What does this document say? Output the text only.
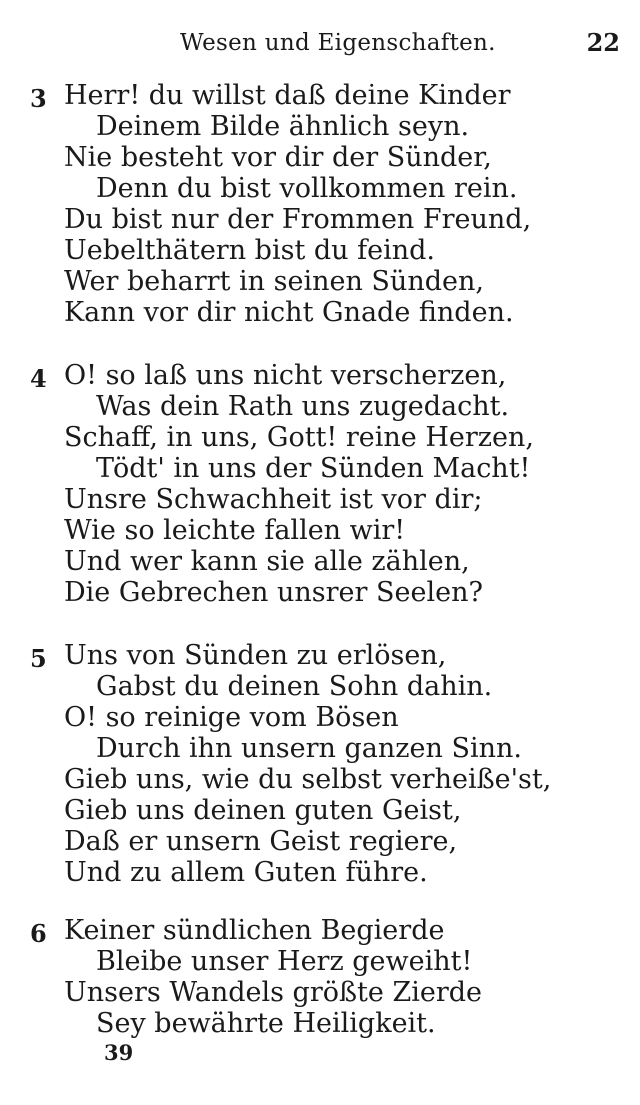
Wesen und Eigenschaften.	22
3 Herr! du willst daß deine Kinder
Deinem Bilde ähnlich seyn.
Nie besteht vor dir der Sünder,
Denn du bist vollkommen rein.
Du bist nur der Frommen Freund,
Uebelthätern bist du feind.
Wer beharrt in seinen Sünden,
Kann vor dir nicht Gnade finden.
4 O! so laß uns nicht verscherzen,
Was dein Rath uns zugedacht.
Schaff, in uns, Gott! reine Herzen,
Tödt' in uns der Sünden Macht!
Unsre Schwachheit ist vor dir;
Wie so leichte fallen wir!
Und wer kann sie alle zählen,
Die Gebrechen unsrer Seelen?
5 Uns von Sünden zu erlösen,
Gabst du deinen Sohn dahin.
O! so reinige vom Bösen
Durch ihn unsern ganzen Sinn.
Gieb uns, wie du selbst verheiße'st,
Gieb uns deinen guten Geist,
Daß er unsern Geist regiere,
Und zu allem Guten führe.
6 Keiner sündlichen Begierde
Bleibe unser Herz geweiht!
Unsers Wandels größte Zierde
Sey bewährte Heiligkeit.
39
